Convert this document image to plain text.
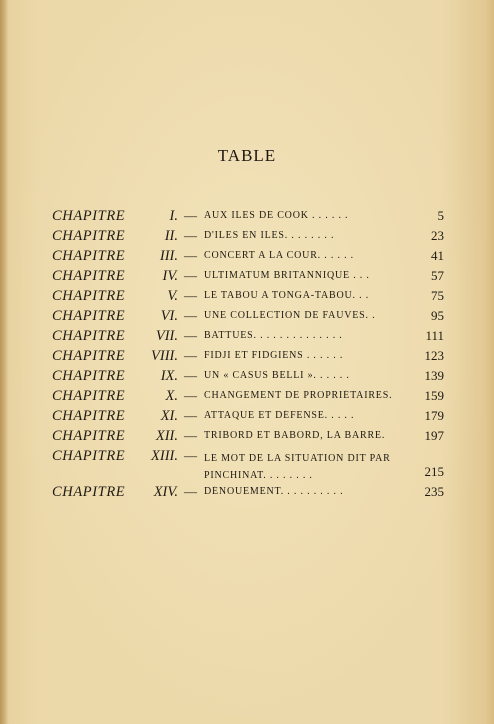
TABLE
CHAPITRE	I. — AUX ILES DE COOK . . . . . .	5
CHAPITRE	II. — D'ILES EN ILES. . . . . . . .	23
CHAPITRE III. — CONCERT A LA COUR. . . . . .	41
CHAPITRE	IV. — ULTIMATUM BRITANNIQUE . . .	57
CHAPITRE	V. — LE TABOU A TONGA-TABOU. . .	75
CHAPITRE VI. — UNE COLLECTION DE FAUVES. .	95
CHAPITRE VII. — BATTUES. . . . . . . . . . . . . .	111
CHAPITRE VIII. — FIDJI ET FIDGIENS . . . . . .	123
CHAPITRE IX. — UN « CASUS BELLI ». . . . . .	139
CHAPITRE	X. — CHANGEMENT DE PROPRIÉTAIRES.	159
CHAPITRE XI. — ATTAQUE ET DÉFENSE. . . . .	179
CHAPITRE XII. — TRIBORD ET BABORD, LA BARRE.	197
CHAPITRE XIII. — LE MOT DE LA SITUATION DIT PAR PINCHINAT. . . . . . . .	215
CHAPITRE XIV. — DÉNOUEMENT. . . . . . . . . .	235
